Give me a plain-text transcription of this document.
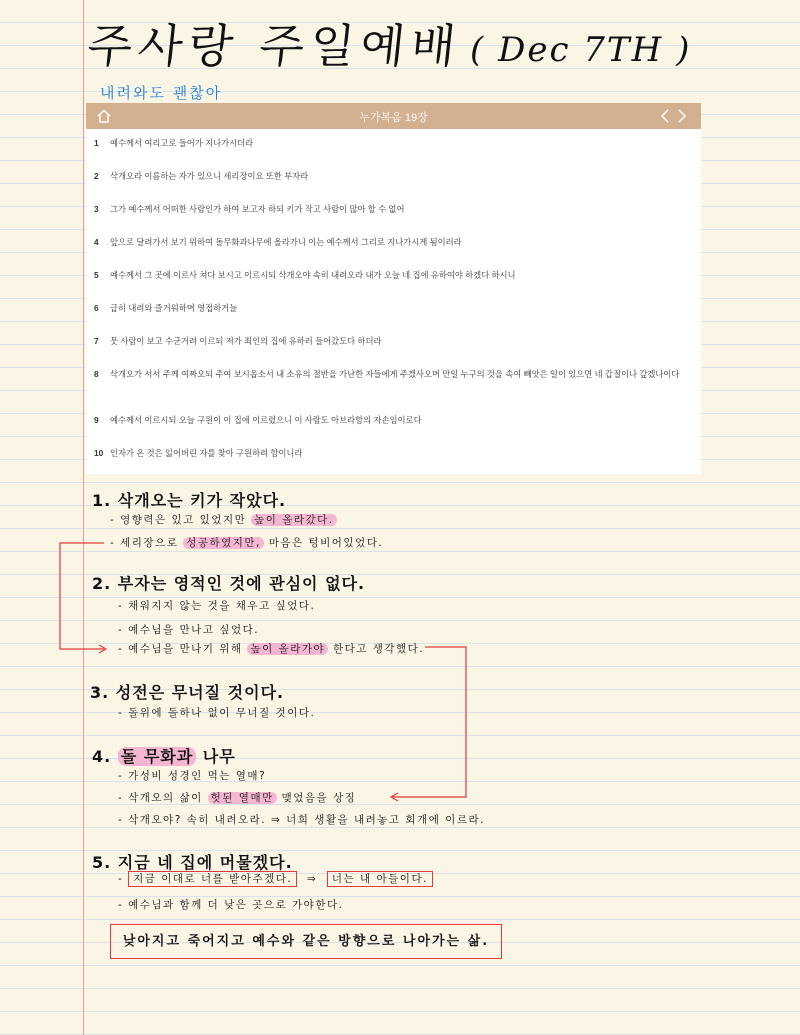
주사랑 주일예배 ( Dec 7TH )
내려와도 괜찮아
누가복음 19장
1	예수께서 여리고로 들어가 지나가시더라
2	삭개오라 이름하는 자가 있으니 세리장이요 또한 부자라
3	그가 예수께서 어떠한 사람인가 하여 보고자 하되 키가 작고 사람이 많아 할 수 없어
4	앞으로 달려가서 보기 위하여 돌무화과나무에 올라가니 이는 예수께서 그리로 지나가시게 됨이러라
5	예수께서 그 곳에 이르사 쳐다 보시고 이르시되 삭개오야 속히 내려오라 내가 오늘 네 집에 유하여야 하겠다 하시니
6	급히 내려와 즐거워하며 영접하거늘
7	뭇 사람이 보고 수군거려 이르되 저가 죄인의 집에 유하러 들어갔도다 하더라
8	삭개오가 서서 주께 여짜오되 주여 보시옵소서 내 소유의 절반을 가난한 자들에게 주겠사오며 만일 누구의 것을 속여 빼앗은 일이 있으면 네 갑절이나 갚겠나이다
9	예수께서 이르시되 오늘 구원이 이 집에 이르렀으니 이 사람도 아브라함의 자손임이로다
10 인자가 온 것은 잃어버린 자를 찾아 구원하려 함이니라
1. 삭개오는 키가 작았다.
- 영향력은 있고 있었지만 높이 올라갔다.
- 세리장으로 성공하였지만, 마음은 텅비어있었다.
2. 부자는 영적인 것에 관심이 없다.
- 채워지지 않는 것을 채우고 싶었다.
- 예수님을 만나고 싶었다.
- 예수님을 만나기 위해 높이 올라가야 한다고 생각했다.
3. 성전은 무너질 것이다.
- 돌위에 돌하나 없이 무너질 것이다.
4. 돌 무화과 나무
- 가성비 성경인 먹는 열매?
- 삭개오의 삶이 헛된 열매만 맺었음을 상징
- 삭개오야? 속히 내려오라. ⇒ 너희 생활을 내려놓고 회개에 이르라.
5. 지금 네 집에 머물겠다.
- 지금 이대로 너를 받아주겠다. ⇒ 너는 내 아들이다.
- 예수님과 함께 더 낮은 곳으로 가야한다.
낮아지고 죽어지고 예수와 같은 방향으로 나아가는 삶.
